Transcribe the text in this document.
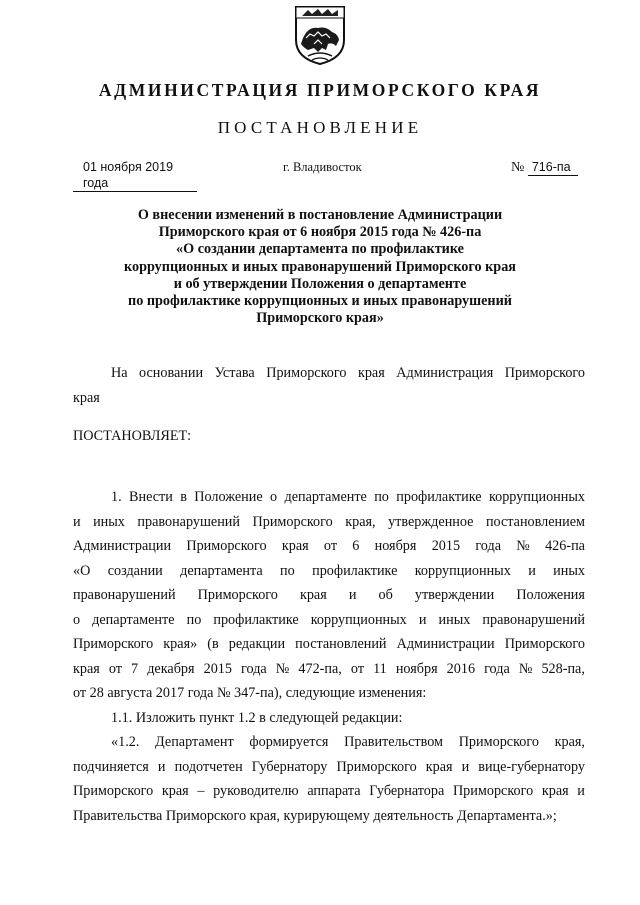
АДМИНИСТРАЦИЯ ПРИМОРСКОГО КРАЯ
ПОСТАНОВЛЕНИЕ
01 ноября 2019 года
г. Владивосток	№ 716-па
О внесении изменений в постановление Администрации
Приморского края от 6 ноября 2015 года № 426-па
«О создании департамента по профилактике
коррупционных и иных правонарушений Приморского края
и об утверждении Положения о департаменте
по профилактике коррупционных и иных правонарушений
Приморского края»
На основании Устава Приморского края Администрация Приморского
края
ПОСТАНОВЛЯЕТ:
1. Внести в Положение о департаменте по профилактике коррупционных
и иных правонарушений Приморского края, утвержденное постановлением
Администрации Приморского края от 6 ноября 2015 года № 426-па
«О создании департамента по профилактике коррупционных и иных
правонарушений Приморского края и об утверждении Положения
о департаменте по профилактике коррупционных и иных правонарушений
Приморского края» (в редакции постановлений Администрации Приморского
края от 7 декабря 2015 года № 472-па, от 11 ноября 2016 года № 528-па,
от 28 августа 2017 года № 347-па), следующие изменения:
1.1. Изложить пункт 1.2 в следующей редакции:
«1.2. Департамент формируется Правительством Приморского края,
подчиняется и подотчетен Губернатору Приморского края и вице-губернатору
Приморского края – руководителю аппарата Губернатора Приморского края и
Правительства Приморского края, курирующему деятельность Департамента.»;
